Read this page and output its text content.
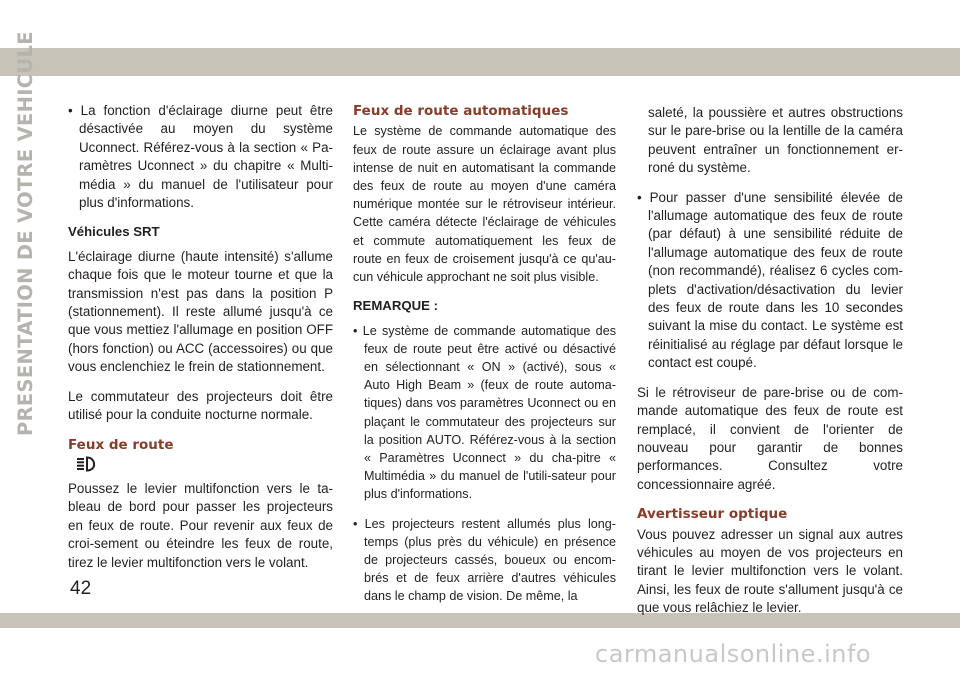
PRESENTATION DE VOTRE VEHICULE • La fonction d'éclairage diurne peut être désactivée au moyen du système Uconnect. Référez-vous à la section « Pa-ramètres Uconnect » du chapitre « Multi-média » du manuel de l'utilisateur pour plus d'informations.

Véhicules SRT

L'éclairage diurne (haute intensité) s'allume chaque fois que le moteur tourne et que la transmission n'est pas dans la position P (stationnement). Il reste allumé jusqu'à ce que vous mettiez l'allumage en position OFF (hors fonction) ou ACC (accessoires) ou que vous enclenchiez le frein de stationnement.

Le commutateur des projecteurs doit être utilisé pour la conduite nocturne normale.

Feux de route

Poussez le levier multifonction vers le ta-bleau de bord pour passer les projecteurs en feux de route. Pour revenir aux feux de croi-sement ou éteindre les feux de route, tirez le levier multifonction vers le volant.

Feux de route automatiques

Le système de commande automatique des feux de route assure un éclairage avant plus intense de nuit en automatisant la commande des feux de route au moyen d'une caméra numérique montée sur le rétroviseur intérieur. Cette caméra détecte l'éclairage de véhicules et commute automatiquement les feux de route en feux de croisement jusqu'à ce qu'au-cun véhicule approchant ne soit plus visible.

REMARQUE :

• Le système de commande automatique des feux de route peut être activé ou désactivé en sélectionnant « ON » (activé), sous « Auto High Beam » (feux de route automa-tiques) dans vos paramètres Uconnect ou en plaçant le commutateur des projecteurs sur la position AUTO. Référez-vous à la section « Paramètres Uconnect » du cha-pitre « Multimédia » du manuel de l'utili-sateur pour plus d'informations.

• Les projecteurs restent allumés plus long-temps (plus près du véhicule) en présence de projecteurs cassés, boueux ou encom-brés et de feux arrière d'autres véhicules dans le champ de vision. De même, la

saleté, la poussière et autres obstructions sur le pare-brise ou la lentille de la caméra peuvent entraîner un fonctionnement er-roné du système.

• Pour passer d'une sensibilité élevée de l'allumage automatique des feux de route (par défaut) à une sensibilité réduite de l'allumage automatique des feux de route (non recommandé), réalisez 6 cycles com-plets d'activation/désactivation du levier des feux de route dans les 10 secondes suivant la mise du contact. Le système est réinitialisé au réglage par défaut lorsque le contact est coupé.

Si le rétroviseur de pare-brise ou de com-mande automatique des feux de route est remplacé, il convient de l'orienter de nouveau pour garantir de bonnes performances. Consultez votre concessionnaire agréé.

Avertisseur optique

Vous pouvez adresser un signal aux autres véhicules au moyen de vos projecteurs en tirant le levier multifonction vers le volant. Ainsi, les feux de route s'allument jusqu'à ce que vous relâchiez le levier.

42
carmanualsonline.info
